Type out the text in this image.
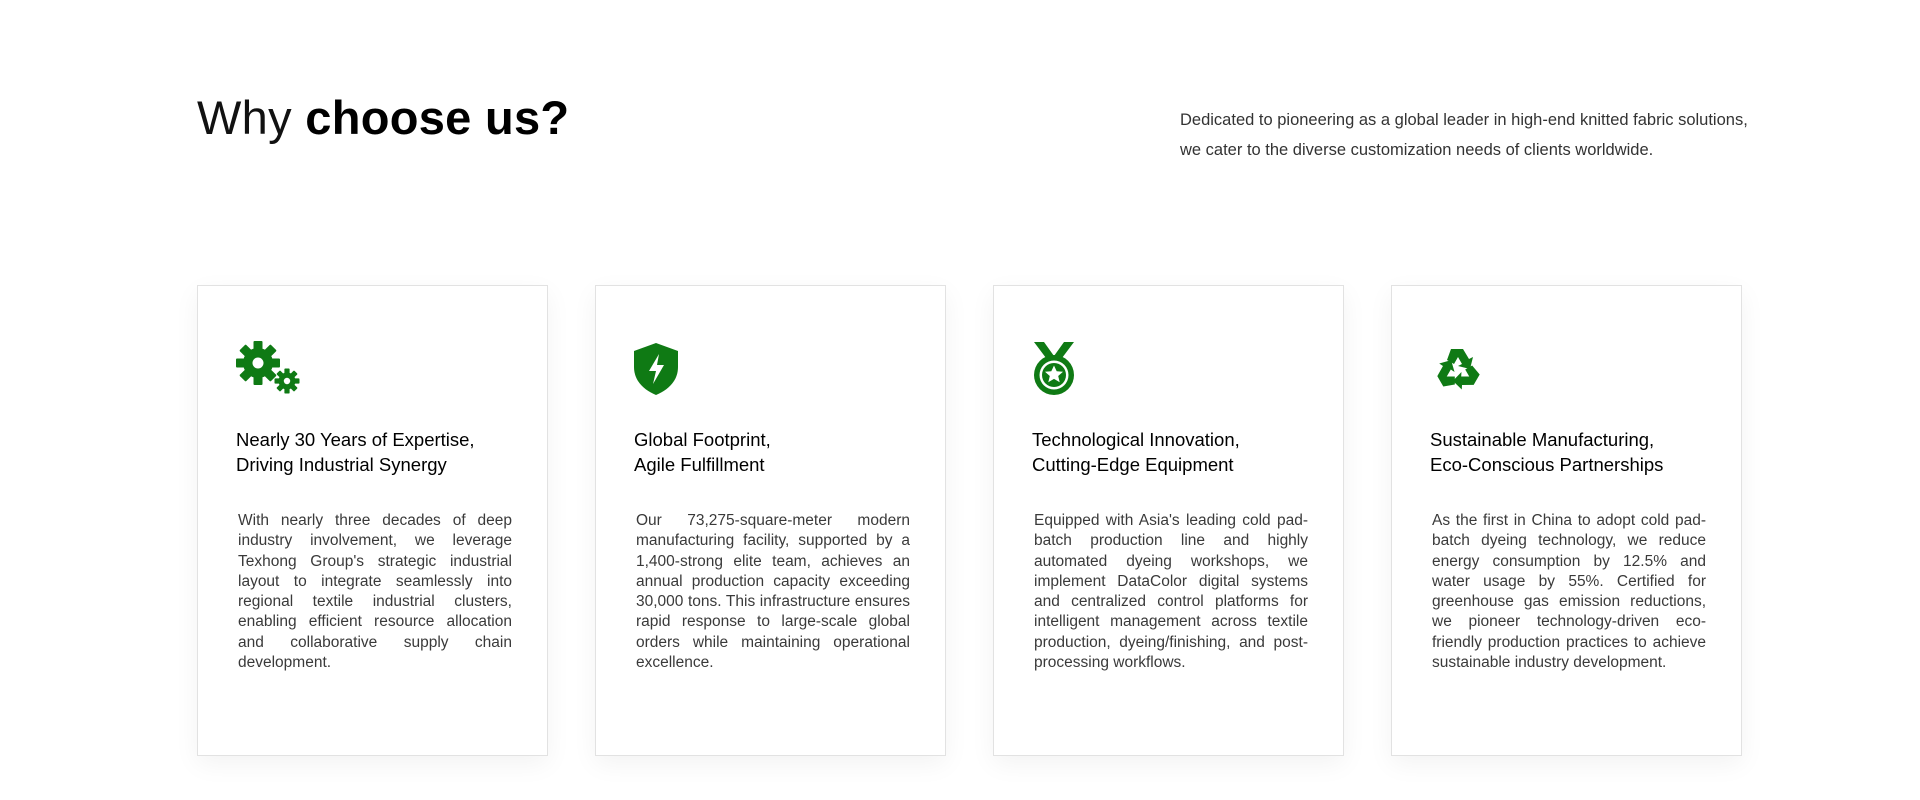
Why choose us?	Dedicated to pioneering as a global leader in high-end knitted fabric solutions, we cater to the diverse customization needs of clients worldwide.

Nearly 30 Years of Expertise,
Driving Industrial Synergy

With nearly three decades of deep industry involvement, we leverage Texhong Group's strategic industrial layout to integrate seamlessly into regional textile industrial clusters, enabling efficient resource allocation and collaborative supply chain development.

Global Footprint,
Agile Fulfillment

Our 73,275-square-meter modern manufacturing facility, supported by a 1,400-strong elite team, achieves an annual production capacity exceeding 30,000 tons. This infrastructure ensures rapid response to large-scale global orders while maintaining operational excellence.

Technological Innovation,
Cutting-Edge Equipment

Equipped with Asia's leading cold pad-batch production line and highly automated dyeing workshops, we implement DataColor digital systems and centralized control platforms for intelligent management across textile production, dyeing/finishing, and post-processing workflows.

Sustainable Manufacturing,
Eco-Conscious Partnerships

As the first in China to adopt cold pad-batch dyeing technology, we reduce energy consumption by 12.5% and water usage by 55%. Certified for greenhouse gas emission reductions, we pioneer technology-driven eco-friendly production practices to achieve sustainable industry development.
